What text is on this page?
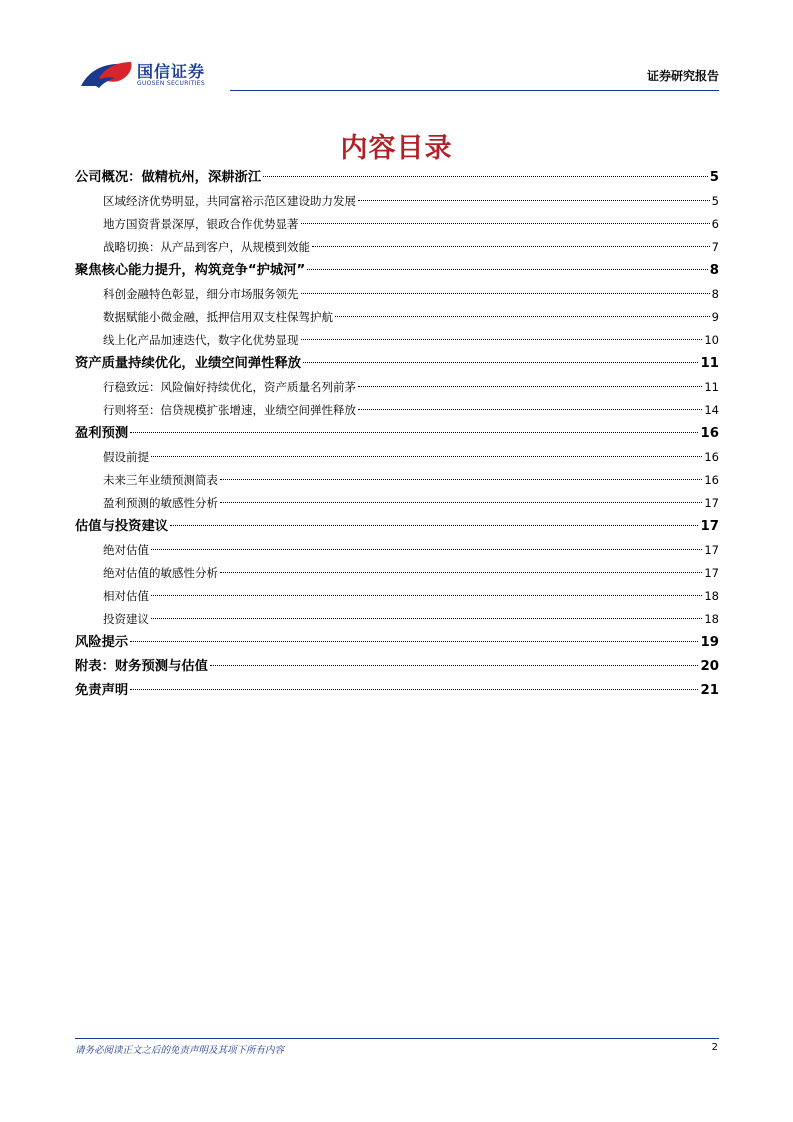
国信证券
GUOSEN SECURITIES
证券研究报告
内容目录
公司概况：做精杭州，深耕浙江	5
区域经济优势明显，共同富裕示范区建设助力发展	5
地方国资背景深厚，银政合作优势显著	6
战略切换：从产品到客户，从规模到效能	7
聚焦核心能力提升，构筑竞争“护城河”	8
科创金融特色彰显，细分市场服务领先	8
数据赋能小微金融，抵押信用双支柱保驾护航	9
线上化产品加速迭代，数字化优势显现	10
资产质量持续优化，业绩空间弹性释放	11
行稳致远：风险偏好持续优化，资产质量名列前茅	11
行则将至：信贷规模扩张增速，业绩空间弹性释放	14
盈利预测	16
假设前提	16
未来三年业绩预测简表	16
盈利预测的敏感性分析	17
估值与投资建议	17
绝对估值	17
绝对估值的敏感性分析	17
相对估值	18
投资建议	18
风险提示	19
附表：财务预测与估值	20
免责声明	21
请务必阅读正文之后的免责声明及其项下所有内容	2
